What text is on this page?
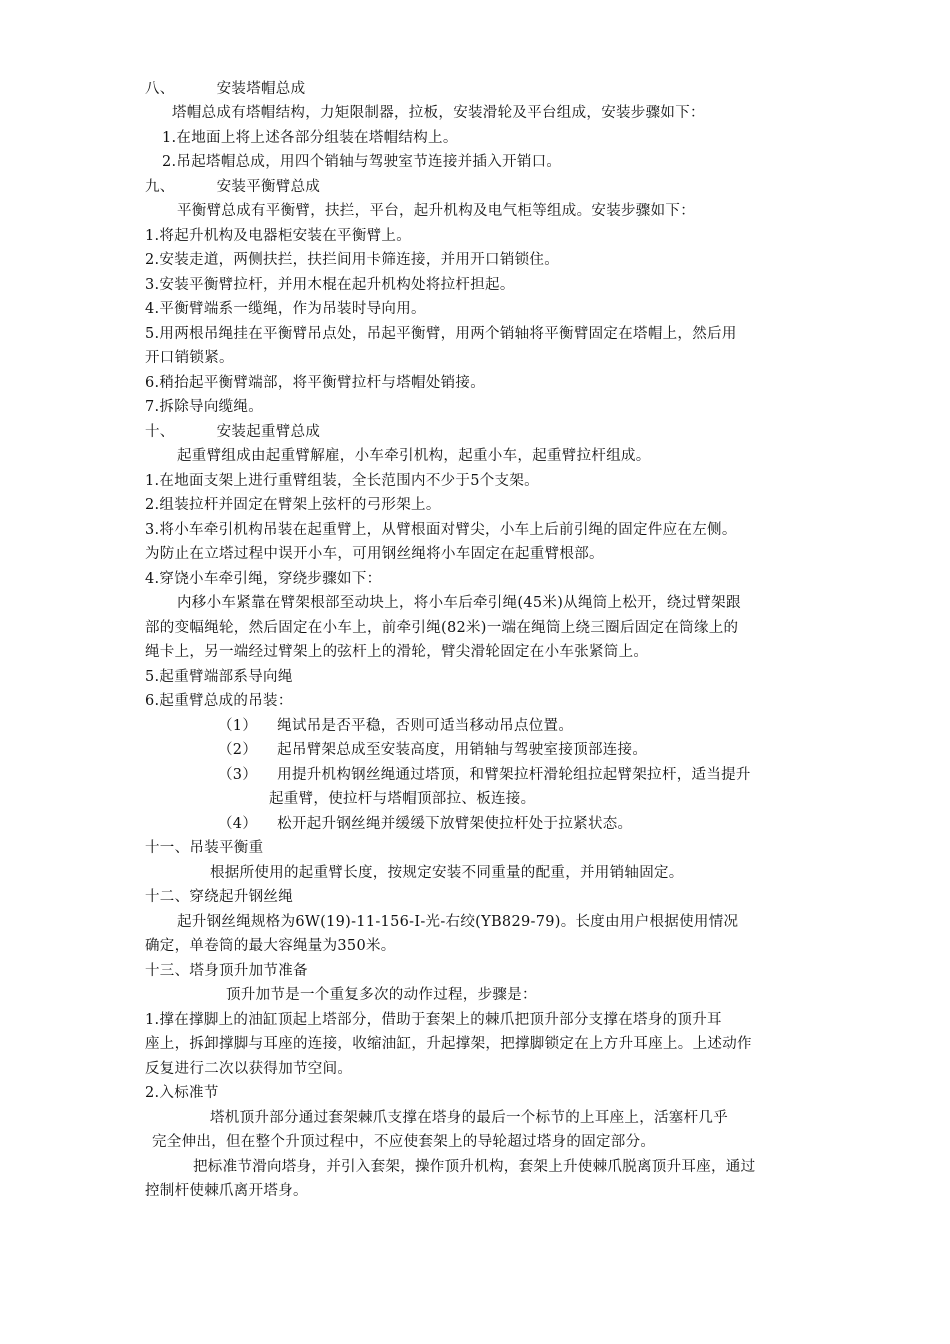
八、	安装塔帽总成
塔帽总成有塔帽结构，力矩限制器，拉板，安装滑轮及平台组成，安装步骤如下：
1.在地面上将上述各部分组装在塔帽结构上。
2.吊起塔帽总成，用四个销轴与驾驶室节连接并插入开销口。
九、	安装平衡臂总成
平衡臂总成有平衡臂，扶拦，平台，起升机构及电气柜等组成。安装步骤如下：
1.将起升机构及电器柜安装在平衡臂上。
2.安装走道，两侧扶拦，扶拦间用卡筛连接，并用开口销锁住。
3.安装平衡臂拉杆，并用木棍在起升机构处将拉杆担起。
4.平衡臂端系一缆绳，作为吊装时导向用。
5.用两根吊绳挂在平衡臂吊点处，吊起平衡臂，用两个销轴将平衡臂固定在塔帽上，然后用
开口销锁紧。
6.稍抬起平衡臂端部，将平衡臂拉杆与塔帽处销接。
7.拆除导向缆绳。
十、	安装起重臂总成
起重臂组成由起重臂解雇，小车牵引机构，起重小车，起重臂拉杆组成。
1.在地面支架上进行重臂组装，全长范围内不少于5个支架。
2.组装拉杆并固定在臂架上弦杆的弓形架上。
3.将小车牵引机构吊装在起重臂上，从臂根面对臂尖，小车上后前引绳的固定件应在左侧。
为防止在立塔过程中误开小车，可用钢丝绳将小车固定在起重臂根部。
4.穿饶小车牵引绳，穿绕步骤如下：
内移小车紧靠在臂架根部至动块上，将小车后牵引绳(45米)从绳筒上松开，绕过臂架跟
部的变幅绳轮，然后固定在小车上，前牵引绳(82米)一端在绳筒上绕三圈后固定在筒缘上的
绳卡上，另一端经过臂架上的弦杆上的滑轮，臂尖滑轮固定在小车张紧筒上。
5.起重臂端部系导向绳
6.起重臂总成的吊装：
（1） 绳试吊是否平稳，否则可适当移动吊点位置。
（2） 起吊臂架总成至安装高度，用销轴与驾驶室接顶部连接。
（3） 用提升机构钢丝绳通过塔顶，和臂架拉杆滑轮组拉起臂架拉杆，适当提升
起重臂，使拉杆与塔帽顶部拉、板连接。
（4） 松开起升钢丝绳并缓缓下放臂架使拉杆处于拉紧状态。
十一、吊装平衡重
根据所使用的起重臂长度，按规定安装不同重量的配重，并用销轴固定。
十二、穿绕起升钢丝绳
起升钢丝绳规格为6W(19)-11-156-Ⅰ-光-右绞(YB829-79)。长度由用户根据使用情况
确定，单卷筒的最大容绳量为350米。
十三、塔身顶升加节准备
顶升加节是一个重复多次的动作过程，步骤是：
1.撑在撑脚上的油缸顶起上塔部分，借助于套架上的棘爪把顶升部分支撑在塔身的顶升耳
座上，拆卸撑脚与耳座的连接，收缩油缸，升起撑架，把撑脚锁定在上方升耳座上。上述动作
反复进行二次以获得加节空间。
2.入标准节
塔机顶升部分通过套架棘爪支撑在塔身的最后一个标节的上耳座上，活塞杆几乎
完全伸出，但在整个升顶过程中，不应使套架上的导轮超过塔身的固定部分。
把标准节滑向塔身，并引入套架，操作顶升机构，套架上升使棘爪脱离顶升耳座，通过
控制杆使棘爪离开塔身。
